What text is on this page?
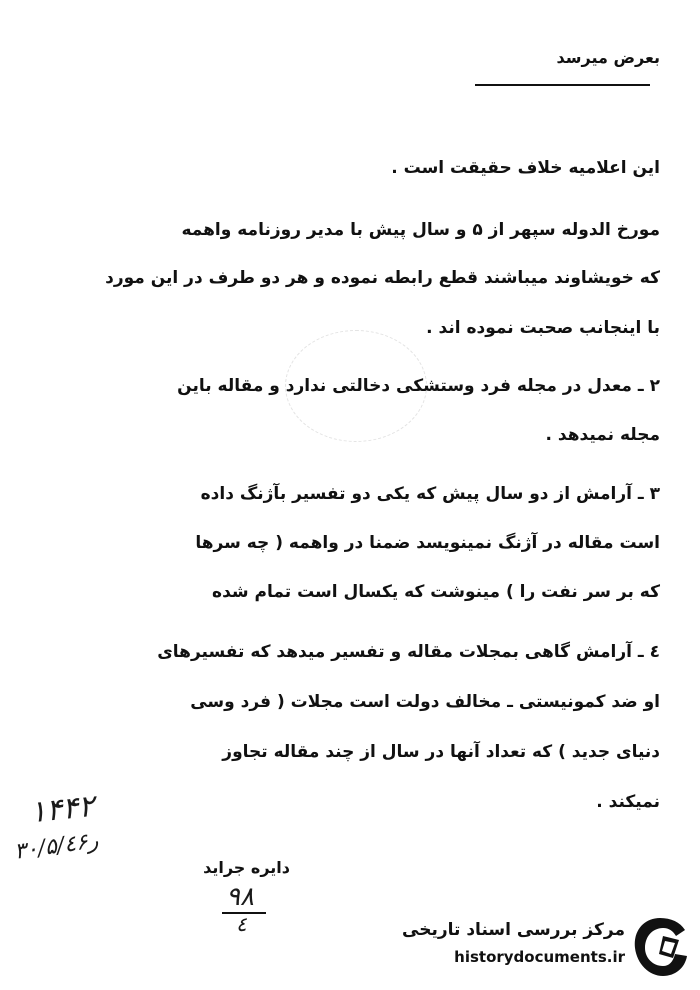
بعرض میرسد
این اعلامیه خلاف حقیقت است .
مورخ الدوله سپهر از ۵ و سال پیش با مدیر روزنامه واهمه
که خویشاوند میباشند قطع رابطه نموده و هر دو طرف در این مورد
با اینجانب صحبت نموده اند .
۲ ـ معدل در مجله فرد وستشکی دخالتی ندارد و مقاله باین
مجله نمیدهد .
۳ ـ آرامش از دو سال پیش که یکی دو تفسیر بآژنگ داده
است مقاله در آژنگ نمینویسد ضمنا در واهمه ( چه سرها
که بر سر نفت را ) مینوشت که یکسال است تمام شده
٤ ـ آرامش گاهی بمجلات مقاله و تفسیر میدهد که تفسیرهای
او ضد کمونیستی ـ مخالف دولت است مجلات ( فرد وسی
دنیای جدید ) که تعداد آنها در سال از چند مقاله تجاوز
نمیکند .
۱۴۴۲
۳۰/۵/ر٤۶
دایره جراید
۹۸
٤	مرکز بررسی اسناد تاریخی
historydocuments.ir
